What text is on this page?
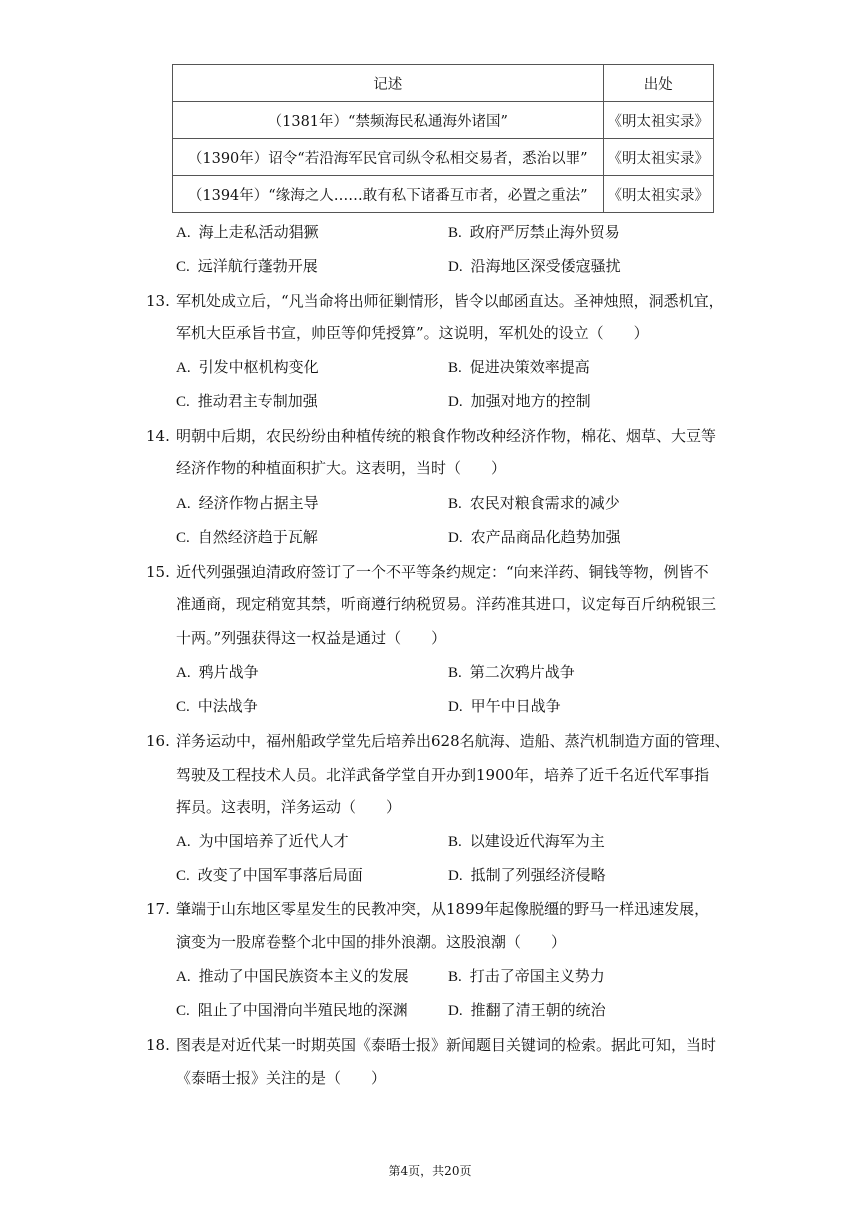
记述	出处
（1381年）“禁频海民私通海外诸国”	《明太祖实录》
（1390年）诏令“若沿海军民官司纵令私相交易者，悉治以罪”	《明太祖实录》
（1394年）“缘海之人……敢有私下诸番互市者，必置之重法”	《明太祖实录》
A. 海上走私活动猖獗	B. 政府严厉禁止海外贸易
C. 远洋航行蓬勃开展	D. 沿海地区深受倭寇骚扰
13. 军机处成立后，“凡当命将出师征剿情形，皆令以邮函直达。圣神烛照，洞悉机宜，
军机大臣承旨书宣，帅臣等仰凭授算”。这说明，军机处的设立（　　）
A. 引发中枢机构变化	B. 促进决策效率提高
C. 推动君主专制加强	D. 加强对地方的控制
14. 明朝中后期，农民纷纷由种植传统的粮食作物改种经济作物，棉花、烟草、大豆等
经济作物的种植面积扩大。这表明，当时（　　）
A. 经济作物占据主导	B. 农民对粮食需求的减少
C. 自然经济趋于瓦解	D. 农产品商品化趋势加强
15. 近代列强强迫清政府签订了一个不平等条约规定：“向来洋药、铜钱等物，例皆不
准通商，现定稍宽其禁，听商遵行纳税贸易。洋药准其进口，议定每百斤纳税银三
十两。”列强获得这一权益是通过（　　）
A. 鸦片战争	B. 第二次鸦片战争
C. 中法战争	D. 甲午中日战争
16. 洋务运动中，福州船政学堂先后培养出628名航海、造船、蒸汽机制造方面的管理、
驾驶及工程技术人员。北洋武备学堂自开办到1900年，培养了近千名近代军事指
挥员。这表明，洋务运动（　　）
A. 为中国培养了近代人才	B. 以建设近代海军为主
C. 改变了中国军事落后局面	D. 抵制了列强经济侵略
17. 肇端于山东地区零星发生的民教冲突，从1899年起像脱缰的野马一样迅速发展，
演变为一股席卷整个北中国的排外浪潮。这股浪潮（　　）
A. 推动了中国民族资本主义的发展	B. 打击了帝国主义势力
C. 阻止了中国滑向半殖民地的深渊	D. 推翻了清王朝的统治
18. 图表是对近代某一时期英国《泰晤士报》新闻题目关键词的检索。据此可知，当时
《泰晤士报》关注的是（　　）
第4页，共20页
